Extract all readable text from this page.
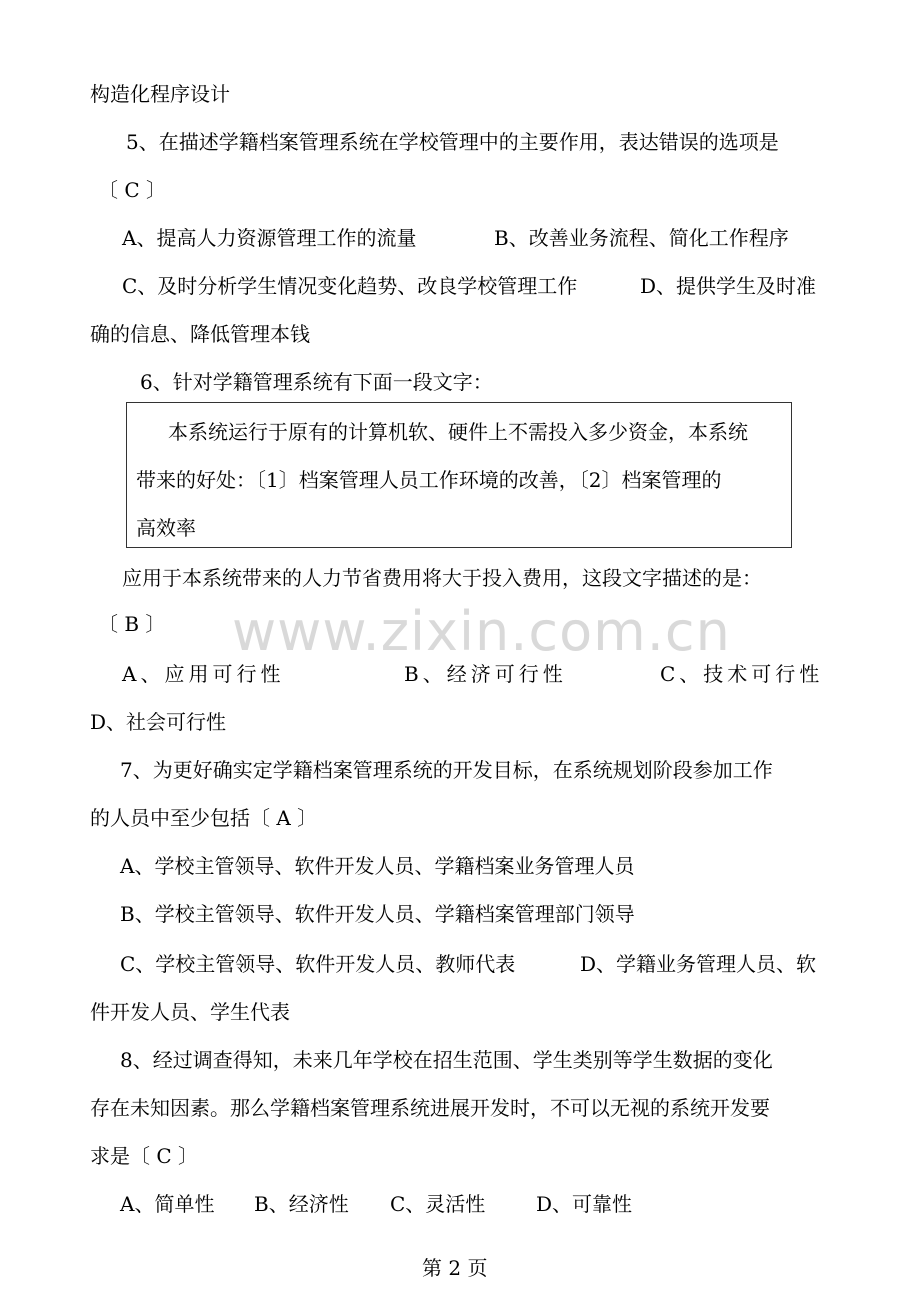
www.zixin.com.cn
构造化程序设计
5、在描述学籍档案管理系统在学校管理中的主要作用，表达错误的选项是
〔 C 〕
A、提高人力资源管理工作的流量	B、改善业务流程、简化工作程序
C、及时分析学生情况变化趋势、改良学校管理工作	D、提供学生及时准
确的信息、降低管理本钱
6、针对学籍管理系统有下面一段文字：
本系统运行于原有的计算机软、硬件上不需投入多少资金，本系统
带来的好处：〔1〕档案管理人员工作环境的改善，〔2〕档案管理的
高效率
应用于本系统带来的人力节省费用将大于投入费用，这段文字描述的是：
〔 B 〕
A、应用可行性	B、经济可行性	C、技术可行性
D、社会可行性
7、为更好确实定学籍档案管理系统的开发目标，在系统规划阶段参加工作
的人员中至少包括〔 A 〕
A、学校主管领导、软件开发人员、学籍档案业务管理人员
B、学校主管领导、软件开发人员、学籍档案管理部门领导
C、学校主管领导、软件开发人员、教师代表	D、学籍业务管理人员、软
件开发人员、学生代表
8、经过调查得知，未来几年学校在招生范围、学生类别等学生数据的变化
存在未知因素。那么学籍档案管理系统进展开发时，不可以无视的系统开发要
求是〔 C 〕
A、简单性 B、经济性 C、灵活性	D、可靠性
第 2 页
